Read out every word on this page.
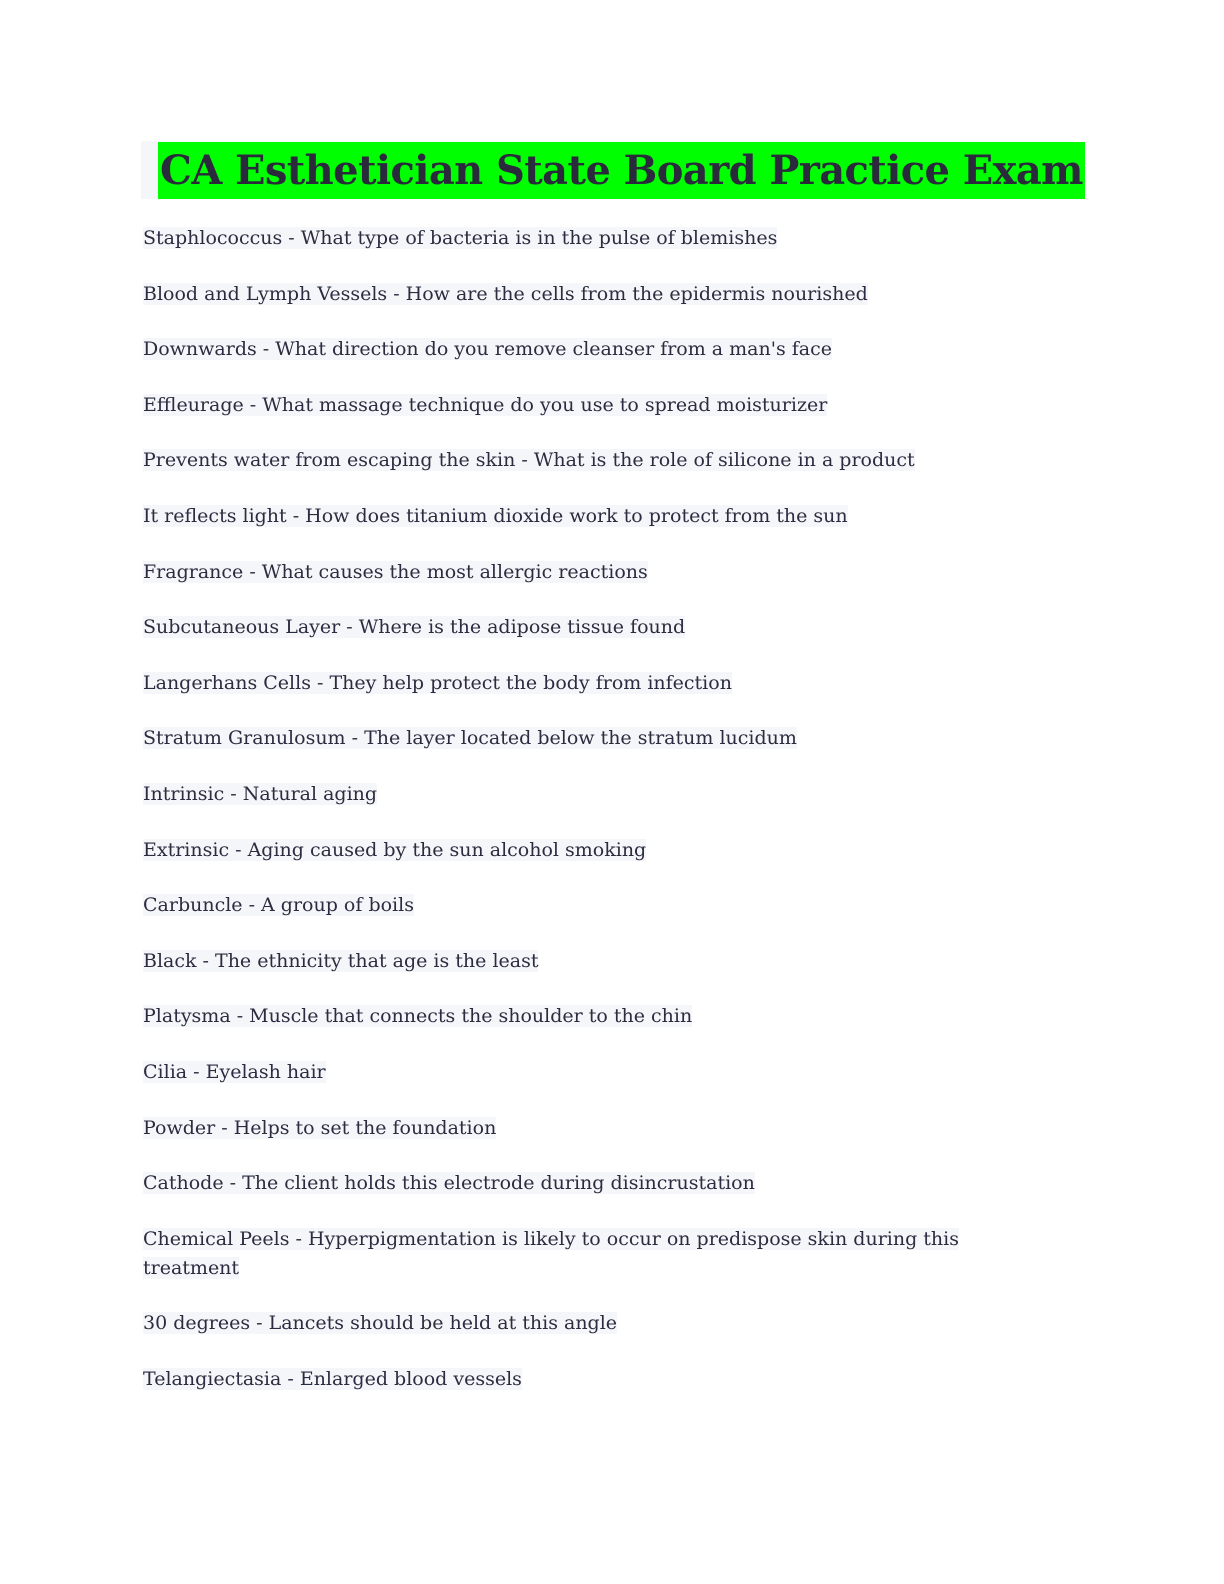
CA Esthetician State Board Practice Exam
Staphlococcus - What type of bacteria is in the pulse of blemishes
Blood and Lymph Vessels - How are the cells from the epidermis nourished
Downwards - What direction do you remove cleanser from a man's face
Effleurage - What massage technique do you use to spread moisturizer
Prevents water from escaping the skin - What is the role of silicone in a product
It reflects light - How does titanium dioxide work to protect from the sun
Fragrance - What causes the most allergic reactions
Subcutaneous Layer - Where is the adipose tissue found
Langerhans Cells - They help protect the body from infection
Stratum Granulosum - The layer located below the stratum lucidum
Intrinsic - Natural aging
Extrinsic - Aging caused by the sun alcohol smoking
Carbuncle - A group of boils
Black - The ethnicity that age is the least
Platysma - Muscle that connects the shoulder to the chin
Cilia - Eyelash hair
Powder - Helps to set the foundation
Cathode - The client holds this electrode during disincrustation
Chemical Peels - Hyperpigmentation is likely to occur on predispose skin during this treatment
30 degrees - Lancets should be held at this angle
Telangiectasia - Enlarged blood vessels
